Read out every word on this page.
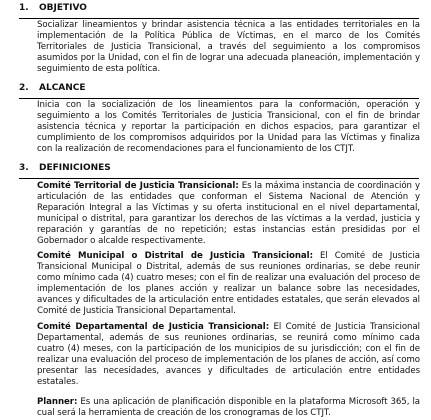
1. OBJETIVO

Socializar lineamientos y brindar asistencia técnica a las entidades territoriales en la implementación de la Política Pública de Víctimas, en el marco de los Comités Territoriales de Justicia Transicional, a través del seguimiento a los compromisos asumidos por la Unidad, con el fin de lograr una adecuada planeación, implementación y seguimiento de esta política.

2. ALCANCE

Inicia con la socialización de los lineamientos para la conformación, operación y seguimiento a los Comités Territoriales de Justicia Transicional, con el fin de brindar asistencia técnica y reportar la participación en dichos espacios, para garantizar el cumplimiento de los compromisos adquiridos por la Unidad para las Víctimas y finaliza con la realización de recomendaciones para el funcionamiento de los CTJT.

3. DEFINICIONES

Comité Territorial de Justicia Transicional: Es la máxima instancia de coordinación y articulación de las entidades que conforman el Sistema Nacional de Atención y Reparación Integral a las Víctimas y su oferta institucional en el nivel departamental, municipal o distrital, para garantizar los derechos de las víctimas a la verdad, justicia y reparación y garantías de no repetición; estas instancias están presididas por el Gobernador o alcalde respectivamente.

Comité Municipal o Distrital de Justicia Transicional: El Comité de Justicia Transicional Municipal o Distrital, además de sus reuniones ordinarias, se debe reunir como mínimo cada (4) cuatro meses; con el fin de realizar una evaluación del proceso de implementación de los planes acción y realizar un balance sobre las necesidades, avances y dificultades de la articulación entre entidades estatales, que serán elevados al Comité de Justicia Transicional Departamental.

Comité Departamental de Justicia Transicional: El Comité de Justicia Transicional Departamental, además de sus reuniones ordinarias, se reunirá como mínimo cada cuatro (4) meses, con la participación de los municipios de su jurisdicción; con el fin de realizar una evaluación del proceso de implementación de los planes de acción, así como presentar las necesidades, avances y dificultades de articulación entre entidades estatales.

Planner: Es una aplicación de planificación disponible en la plataforma Microsoft 365, la cual será la herramienta de creación de los cronogramas de los CTJT.
